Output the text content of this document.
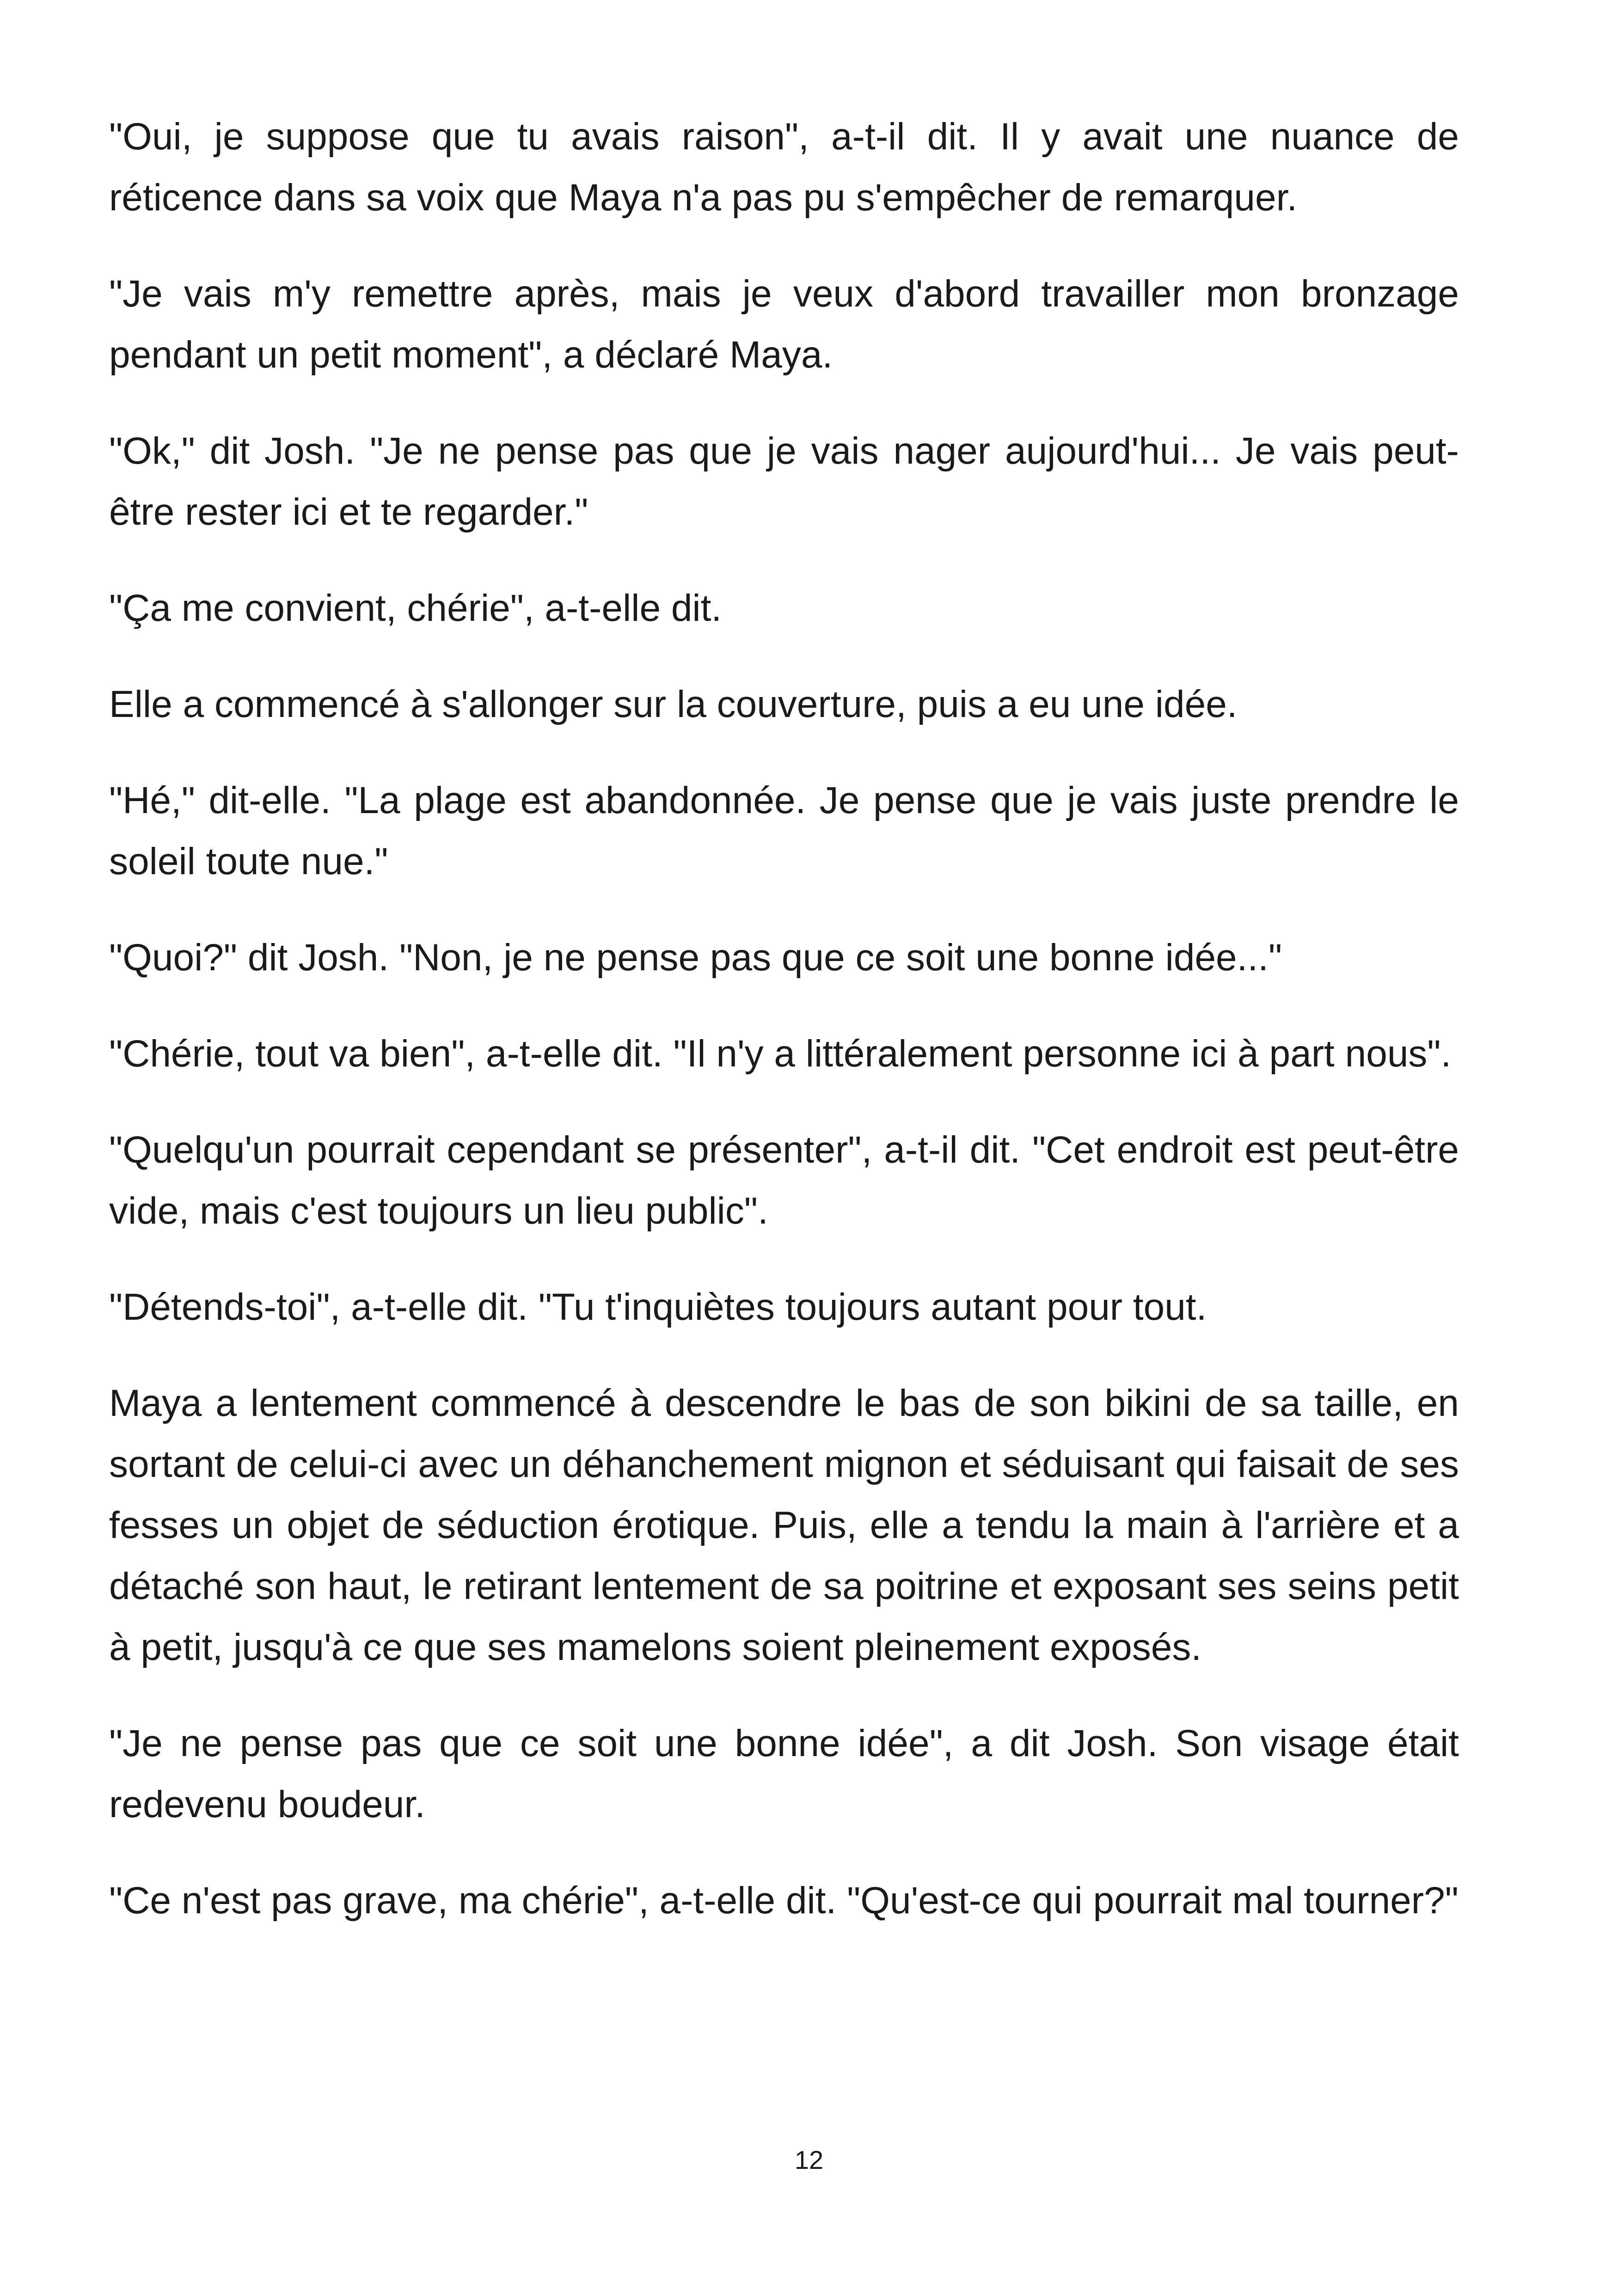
"Oui, je suppose que tu avais raison", a-t-il dit. Il y avait une nuance de réticence dans sa voix que Maya n'a pas pu s'empêcher de remarquer.

"Je vais m'y remettre après, mais je veux d'abord travailler mon bronzage pendant un petit moment", a déclaré Maya.

"Ok," dit Josh. "Je ne pense pas que je vais nager aujourd'hui... Je vais peut-être rester ici et te regarder."

"Ça me convient, chérie", a-t-elle dit.

Elle a commencé à s'allonger sur la couverture, puis a eu une idée.

"Hé," dit-elle. "La plage est abandonnée. Je pense que je vais juste prendre le soleil toute nue."

"Quoi?" dit Josh. "Non, je ne pense pas que ce soit une bonne idée..."

"Chérie, tout va bien", a-t-elle dit. "Il n'y a littéralement personne ici à part nous".

"Quelqu'un pourrait cependant se présenter", a-t-il dit. "Cet endroit est peut-être vide, mais c'est toujours un lieu public".

"Détends-toi", a-t-elle dit. "Tu t'inquiètes toujours autant pour tout.

Maya a lentement commencé à descendre le bas de son bikini de sa taille, en sortant de celui-ci avec un déhanchement mignon et séduisant qui faisait de ses fesses un objet de séduction érotique. Puis, elle a tendu la main à l'arrière et a détaché son haut, le retirant lentement de sa poitrine et exposant ses seins petit à petit, jusqu'à ce que ses mamelons soient pleinement exposés.

"Je ne pense pas que ce soit une bonne idée", a dit Josh. Son visage était redevenu boudeur.

"Ce n'est pas grave, ma chérie", a-t-elle dit. "Qu'est-ce qui pourrait mal tourner?"

12
